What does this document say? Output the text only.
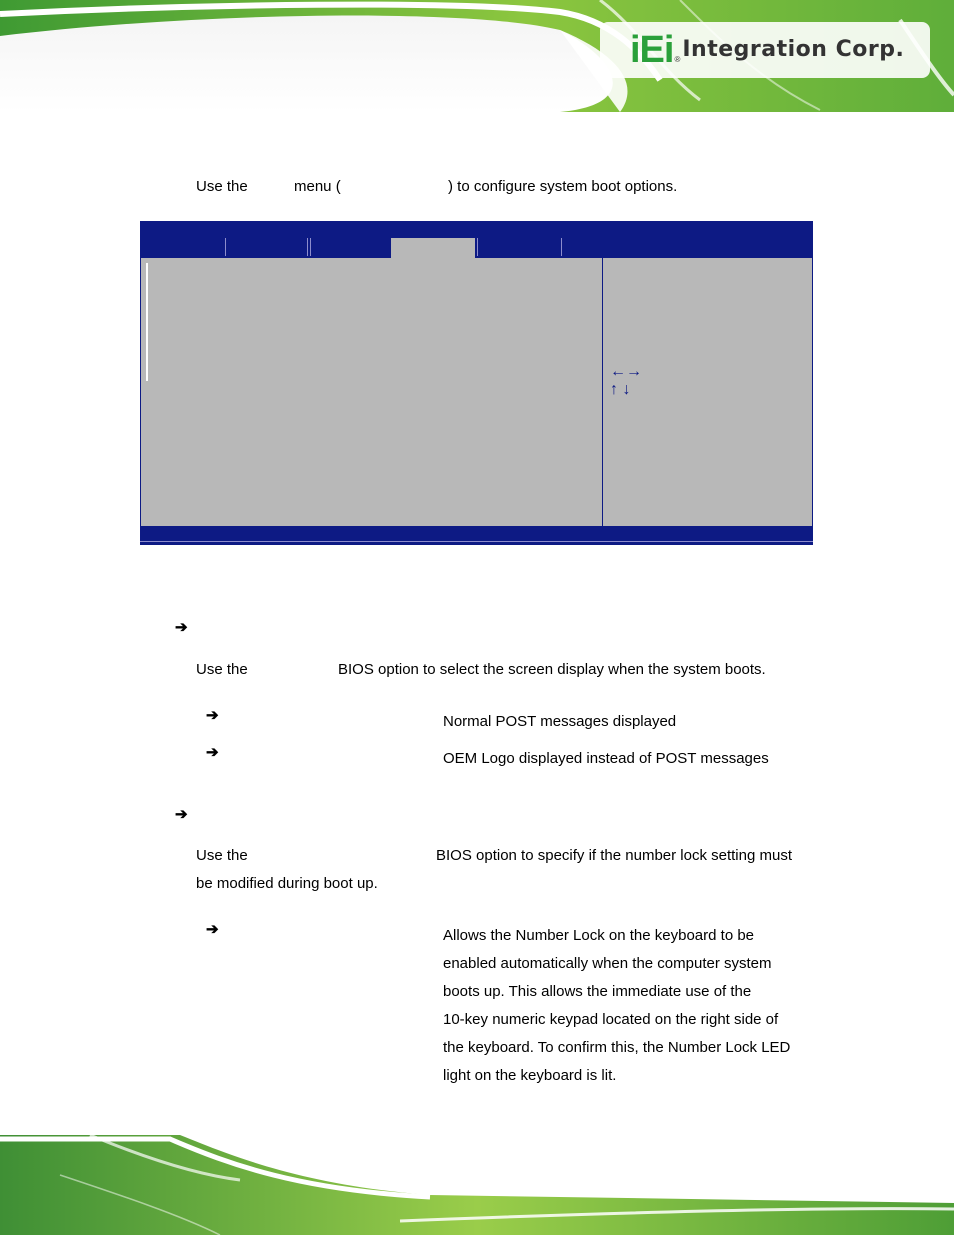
iEi ® Integration Corp.
Use the	menu (	) to configure system boot options.
←→
↑ ↓
➔
Use the	BIOS option to select the screen display when the system boots.
➔	Normal POST messages displayed
➔	OEM Logo displayed instead of POST messages
➔
Use the	BIOS option to specify if the number lock setting must
be modified during boot up.
➔	Allows the Number Lock on the keyboard to be
enabled automatically when the computer system
boots up. This allows the immediate use of the
10-key numeric keypad located on the right side of
the keyboard. To confirm this, the Number Lock LED
light on the keyboard is lit.
